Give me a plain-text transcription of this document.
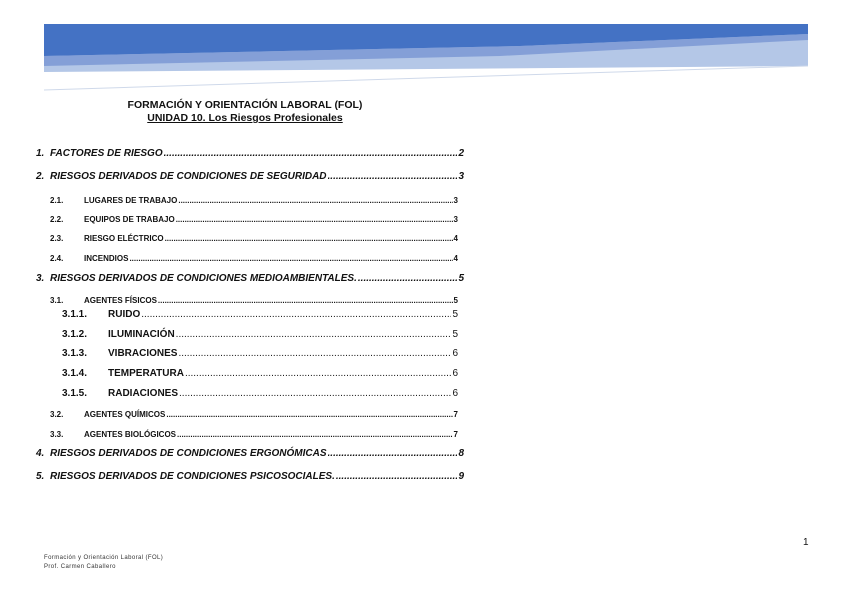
FORMACIÓN Y ORIENTACIÓN LABORAL (FOL)
UNIDAD 10. Los Riesgos Profesionales
1. FACTORES DE RIESGO .....	2
2. RIESGOS DERIVADOS DE CONDICIONES DE SEGURIDAD .....	3
2.1.	LUGARES DE TRABAJO .....	3
2.2.	EQUIPOS DE TRABAJO .....	3
2.3.	RIESGO ELÉCTRICO .....	4
2.4.	INCENDIOS .....	4
3. RIESGOS DERIVADOS DE CONDICIONES MEDIOAMBIENTALES. .....	5
3.1.	AGENTES FÍSICOS .....	5
3.1.1.	RUIDO .....	5
3.1.2.	ILUMINACIÓN .....	5
3.1.3.	VIBRACIONES .....	6
3.1.4.	TEMPERATURA .....	6
3.1.5.	RADIACIONES .....	6
3.2.	AGENTES QUÍMICOS .....	7
3.3.	AGENTES BIOLÓGICOS .....	7
4. RIESGOS DERIVADOS DE CONDICIONES ERGONÓMICAS .....	8
5. RIESGOS DERIVADOS DE CONDICIONES PSICOSOCIALES. .....	9
Formación y Orientación Laboral (FOL)
Prof. Carmen Caballero
1
